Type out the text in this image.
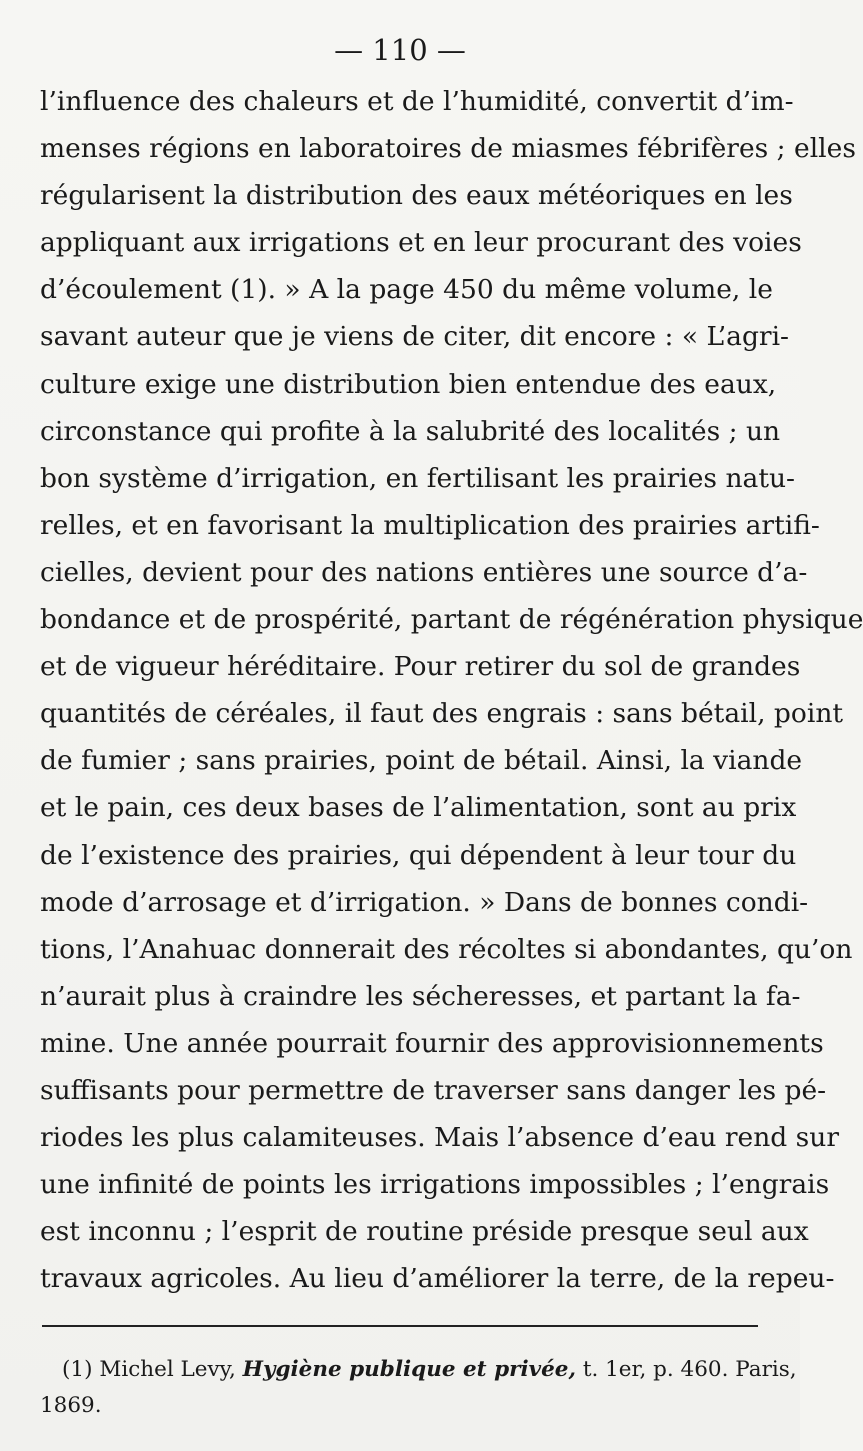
— 110 —
l’influence des chaleurs et de l’humidité, convertit d’im-
menses régions en laboratoires de miasmes fébrifères ; elles
régularisent la distribution des eaux météoriques en les
appliquant aux irrigations et en leur procurant des voies
d’écoulement (1). » A la page 450 du même volume, le
savant auteur que je viens de citer, dit encore : « L’agri-
culture exige une distribution bien entendue des eaux,
circonstance qui profite à la salubrité des localités ; un
bon système d’irrigation, en fertilisant les prairies natu-
relles, et en favorisant la multiplication des prairies artifi-
cielles, devient pour des nations entières une source d’a-
bondance et de prospérité, partant de régénération physique
et de vigueur héréditaire. Pour retirer du sol de grandes
quantités de céréales, il faut des engrais : sans bétail, point
de fumier ; sans prairies, point de bétail. Ainsi, la viande
et le pain, ces deux bases de l’alimentation, sont au prix
de l’existence des prairies, qui dépendent à leur tour du
mode d’arrosage et d’irrigation. » Dans de bonnes condi-
tions, l’Anahuac donnerait des récoltes si abondantes, qu’on
n’aurait plus à craindre les sécheresses, et partant la fa-
mine. Une année pourrait fournir des approvisionnements
suffisants pour permettre de traverser sans danger les pé-
riodes les plus calamiteuses. Mais l’absence d’eau rend sur
une infinité de points les irrigations impossibles ; l’engrais
est inconnu ; l’esprit de routine préside presque seul aux
travaux agricoles. Au lieu d’améliorer la terre, de la repeu-
(1) Michel Levy, Hygiène publique et privée, t. 1er, p. 460. Paris,
1869.
